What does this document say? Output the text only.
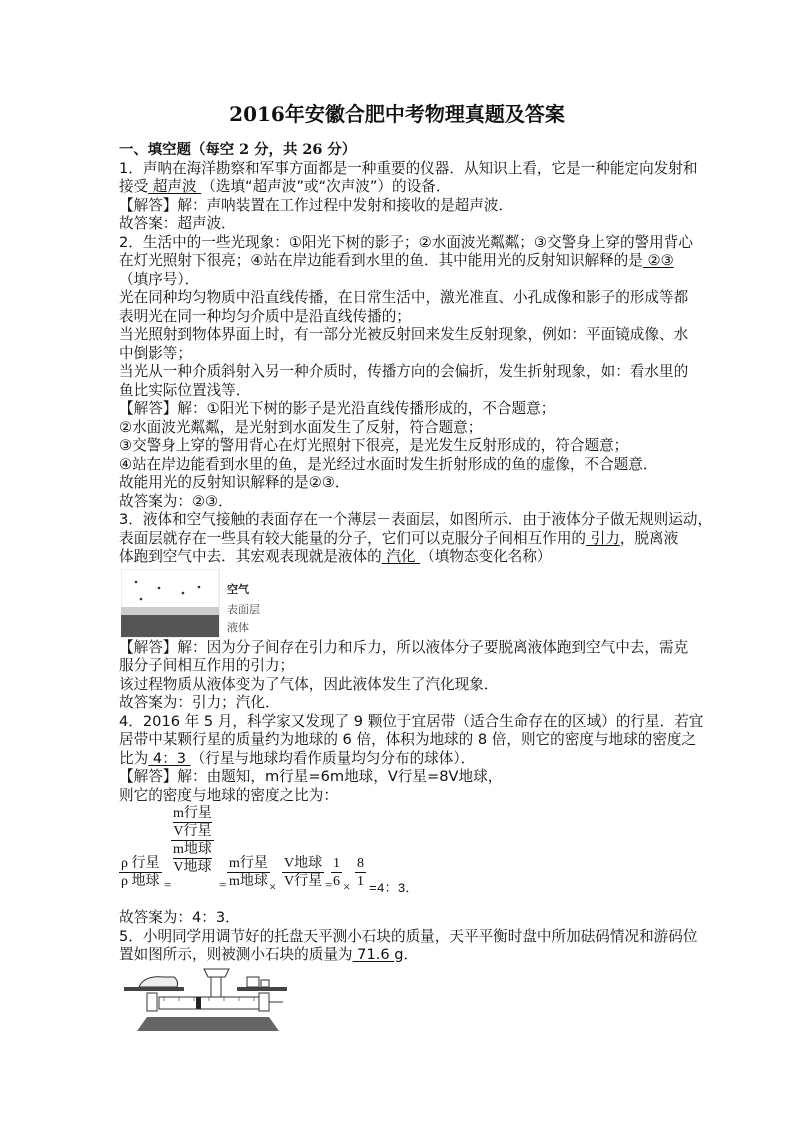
2016年安徽合肥中考物理真题及答案
一、填空题（每空 2 分，共 26 分）
1．声呐在海洋勘察和军事方面都是一种重要的仪器．从知识上看，它是一种能定向发射和
接受 超声波 （选填“超声波”或“次声波”）的设备．
【解答】解：声呐装置在工作过程中发射和接收的是超声波．
故答案：超声波．
2．生活中的一些光现象：①阳光下树的影子；②水面波光粼粼；③交警身上穿的警用背心
在灯光照射下很亮；④站在岸边能看到水里的鱼．其中能用光的反射知识解释的是 ②③
（填序号）．
光在同种均匀物质中沿直线传播，在日常生活中，激光准直、小孔成像和影子的形成等都
表明光在同一种均匀介质中是沿直线传播的；
当光照射到物体界面上时，有一部分光被反射回来发生反射现象，例如：平面镜成像、水
中倒影等；
当光从一种介质斜射入另一种介质时，传播方向的会偏折，发生折射现象，如：看水里的
鱼比实际位置浅等．
【解答】解：①阳光下树的影子是光沿直线传播形成的，不合题意；
②水面波光粼粼，是光射到水面发生了反射，符合题意；
③交警身上穿的警用背心在灯光照射下很亮，是光发生反射形成的，符合题意；
④站在岸边能看到水里的鱼，是光经过水面时发生折射形成的鱼的虚像，不合题意．
故能用光的反射知识解释的是②③．
故答案为：②③．
3．液体和空气接触的表面存在一个薄层－表面层，如图所示．由于液体分子做无规则运动，
表面层就存在一些具有较大能量的分子，它们可以克服分子间相互作用的 引力，脱离液
体跑到空气中去．其宏观表现就是液体的 汽化 （填物态变化名称）
空气
表面层
液体
【解答】解：因为分子间存在引力和斥力，所以液体分子要脱离液体跑到空气中去，需克
服分子间相互作用的引力；
该过程物质从液体变为了气体，因此液体发生了汽化现象．
故答案为：引力；汽化．
4．2016 年 5 月，科学家又发现了 9 颗位于宜居带（适合生命存在的区域）的行星．若宜
居带中某颗行星的质量约为地球的 6 倍，体积为地球的 8 倍，则它的密度与地球的密度之
比为 4：3 （行星与地球均看作质量均匀分布的球体）．
【解答】解：由题知，m行星=6m地球，V行星=8V地球，
则它的密度与地球的密度之比为：
ρ 行星
ρ 地球 =
m行星
V行星
m地球
V地球
=
m行星
m地球 ×
V地球
V行星 =
$\frac{1}{6} \times \frac{8}{1} =4$：3．
故答案为：4：3．
5．小明同学用调节好的托盘天平测小石块的质量，天平平衡时盘中所加砝码情况和游码位
置如图所示，则被测小石块的质量为 71.6 g．
